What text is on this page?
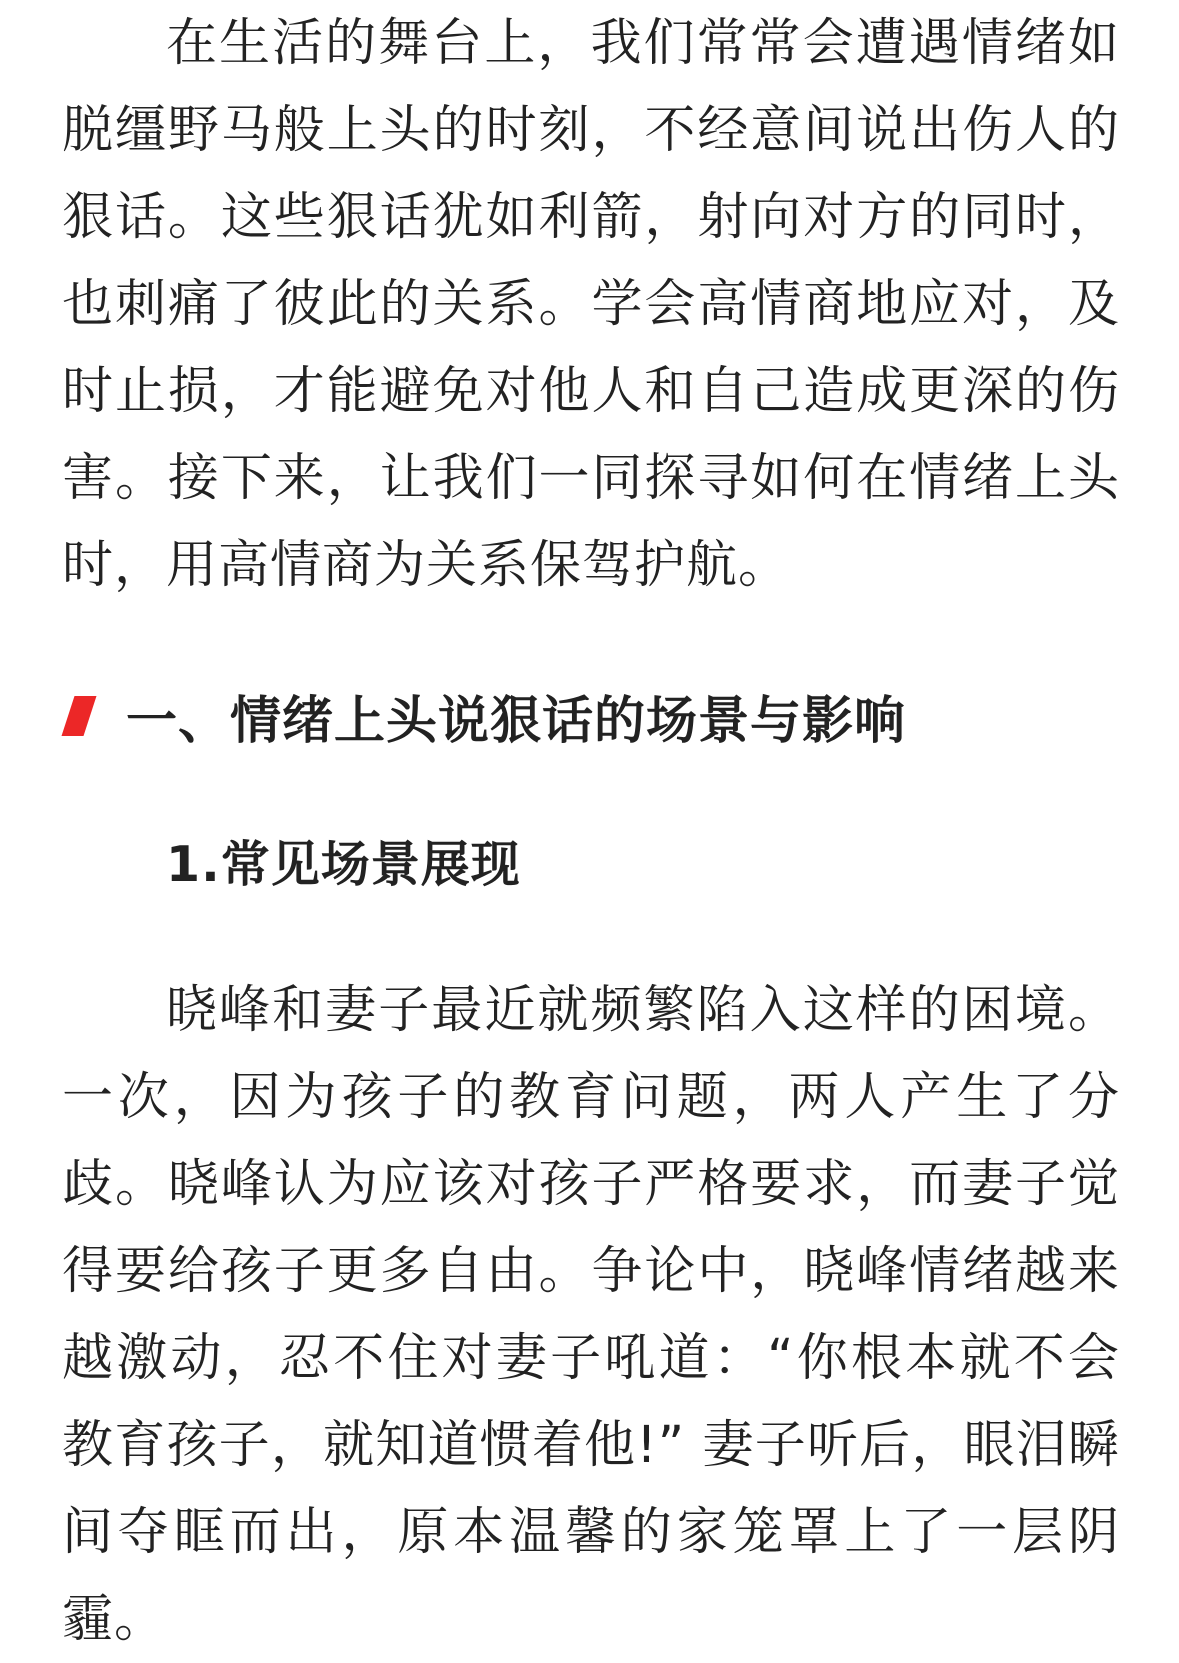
在生活的舞台上，我们常常会遭遇情绪如脱缰野马般上头的时刻，不经意间说出伤人的狠话。这些狠话犹如利箭，射向对方的同时，也刺痛了彼此的关系。学会高情商地应对，及时止损，才能避免对他人和自己造成更深的伤害。接下来，让我们一同探寻如何在情绪上头时，用高情商为关系保驾护航。

一、情绪上头说狠话的场景与影响
1.常见场景展现

晓峰和妻子最近就频繁陷入这样的困境。一次，因为孩子的教育问题，两人产生了分歧。晓峰认为应该对孩子严格要求，而妻子觉得要给孩子更多自由。争论中，晓峰情绪越来越激动，忍不住对妻子吼道：“你根本就不会教育孩子，就知道惯着他!” 妻子听后，眼泪瞬间夺眶而出，原本温馨的家笼罩上了一层阴霾。
